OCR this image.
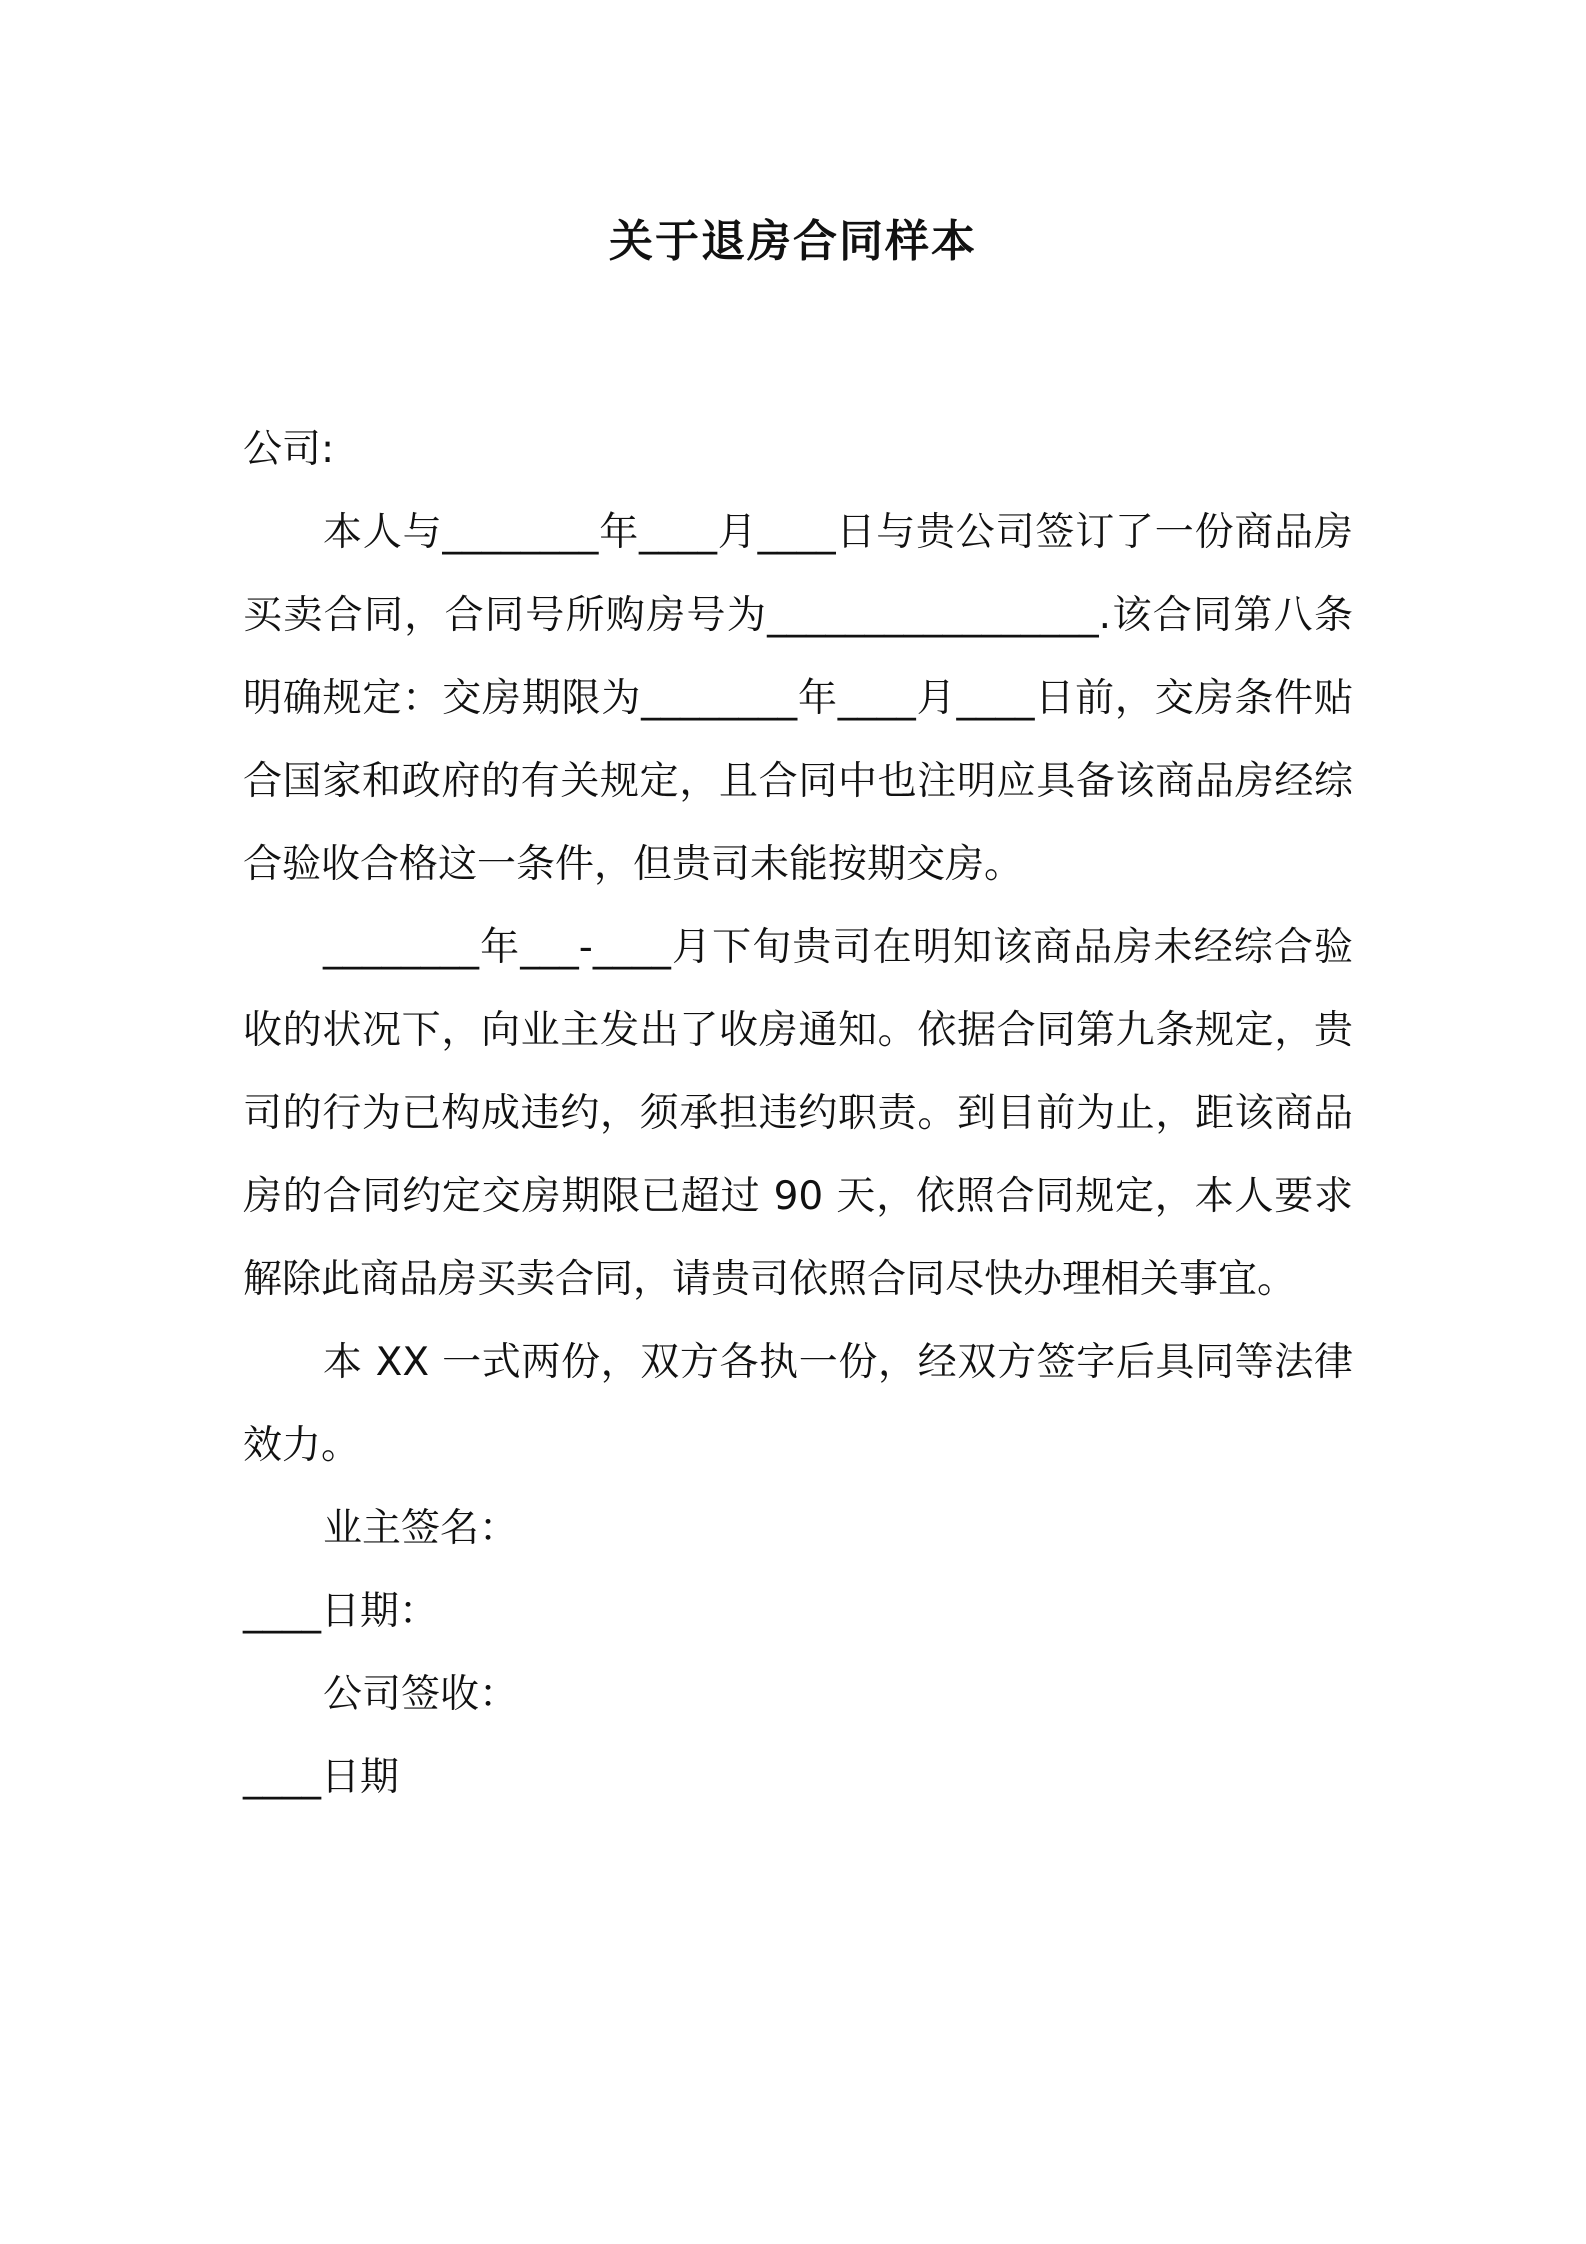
关于退房合同样本

公司:

本人与________年____月____日与贵公司签订了一份商品房买卖合同，合同号所购房号为_________________.该合同第八条明确规定：交房期限为________年____月____日前，交房条件贴合国家和政府的有关规定，且合同中也注明应具备该商品房经综合验收合格这一条件，但贵司未能按期交房。

________年___-____月下旬贵司在明知该商品房未经综合验收的状况下，向业主发出了收房通知。依据合同第九条规定，贵司的行为已构成违约，须承担违约职责。到目前为止，距该商品房的合同约定交房期限已超过 90 天，依照合同规定，本人要求解除此商品房买卖合同，请贵司依照合同尽快办理相关事宜。

本 XX 一式两份，双方各执一份，经双方签字后具同等法律效力。

业主签名：

____日期：

公司签收：

____日期
